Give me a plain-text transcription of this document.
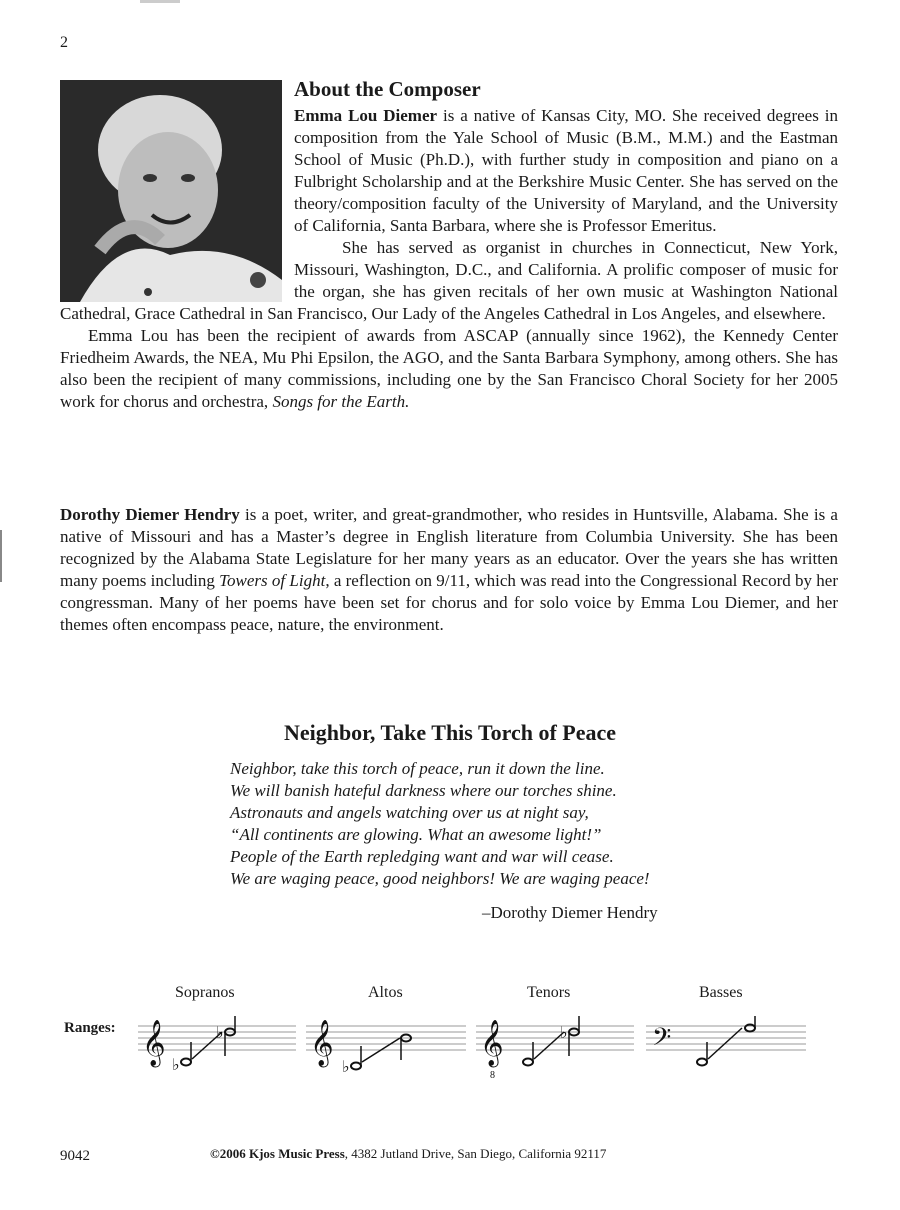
2
About the Composer

Emma Lou Diemer is a native of Kansas City, MO. She received degrees in composition from the Yale School of Music (B.M., M.M.) and the Eastman School of Music (Ph.D.), with further study in composition and piano on a Fulbright Scholarship and at the Berkshire Music Center. She has served on the theory/composition faculty of the University of Maryland, and the University of California, Santa Barbara, where she is Professor Emeritus.

She has served as organist in churches in Connecticut, New York, Missouri, Washington, D.C., and California. A prolific composer of music for the organ, she has given recitals of her own music at Washington National Cathedral, Grace Cathedral in San Francisco, Our Lady of the Angeles Cathedral in Los Angeles, and elsewhere.

Emma Lou has been the recipient of awards from ASCAP (annually since 1962), the Kennedy Center Friedheim Awards, the NEA, Mu Phi Epsilon, the AGO, and the Santa Barbara Symphony, among others. She has also been the recipient of many commissions, including one by the San Francisco Choral Society for her 2005 work for chorus and orchestra, Songs for the Earth.

Dorothy Diemer Hendry is a poet, writer, and great-grandmother, who resides in Huntsville, Alabama. She is a native of Missouri and has a Master’s degree in English literature from Columbia University. She has been recognized by the Alabama State Legislature for her many years as an educator. Over the years she has written many poems including Towers of Light, a reflection on 9/11, which was read into the Congressional Record by her congressman. Many of her poems have been set for chorus and for solo voice by Emma Lou Diemer, and her themes often encompass peace, nature, the environment.

Neighbor, Take This Torch of Peace
Neighbor, take this torch of peace, run it down the line.
We will banish hateful darkness where our torches shine.
Astronauts and angels watching over us at night say,
“All continents are glowing. What an awesome light!”
People of the Earth repledging want and war will cease.
We are waging peace, good neighbors! We are waging peace!
–Dorothy Diemer Hendry
Sopranos	Altos	Tenors	Basses
Ranges: 𝄞 ♭
♭ 𝄞
♭
𝄞
8
♭	𝄢
9042	©2006 Kjos Music Press, 4382 Jutland Drive, San Diego, California 92117
